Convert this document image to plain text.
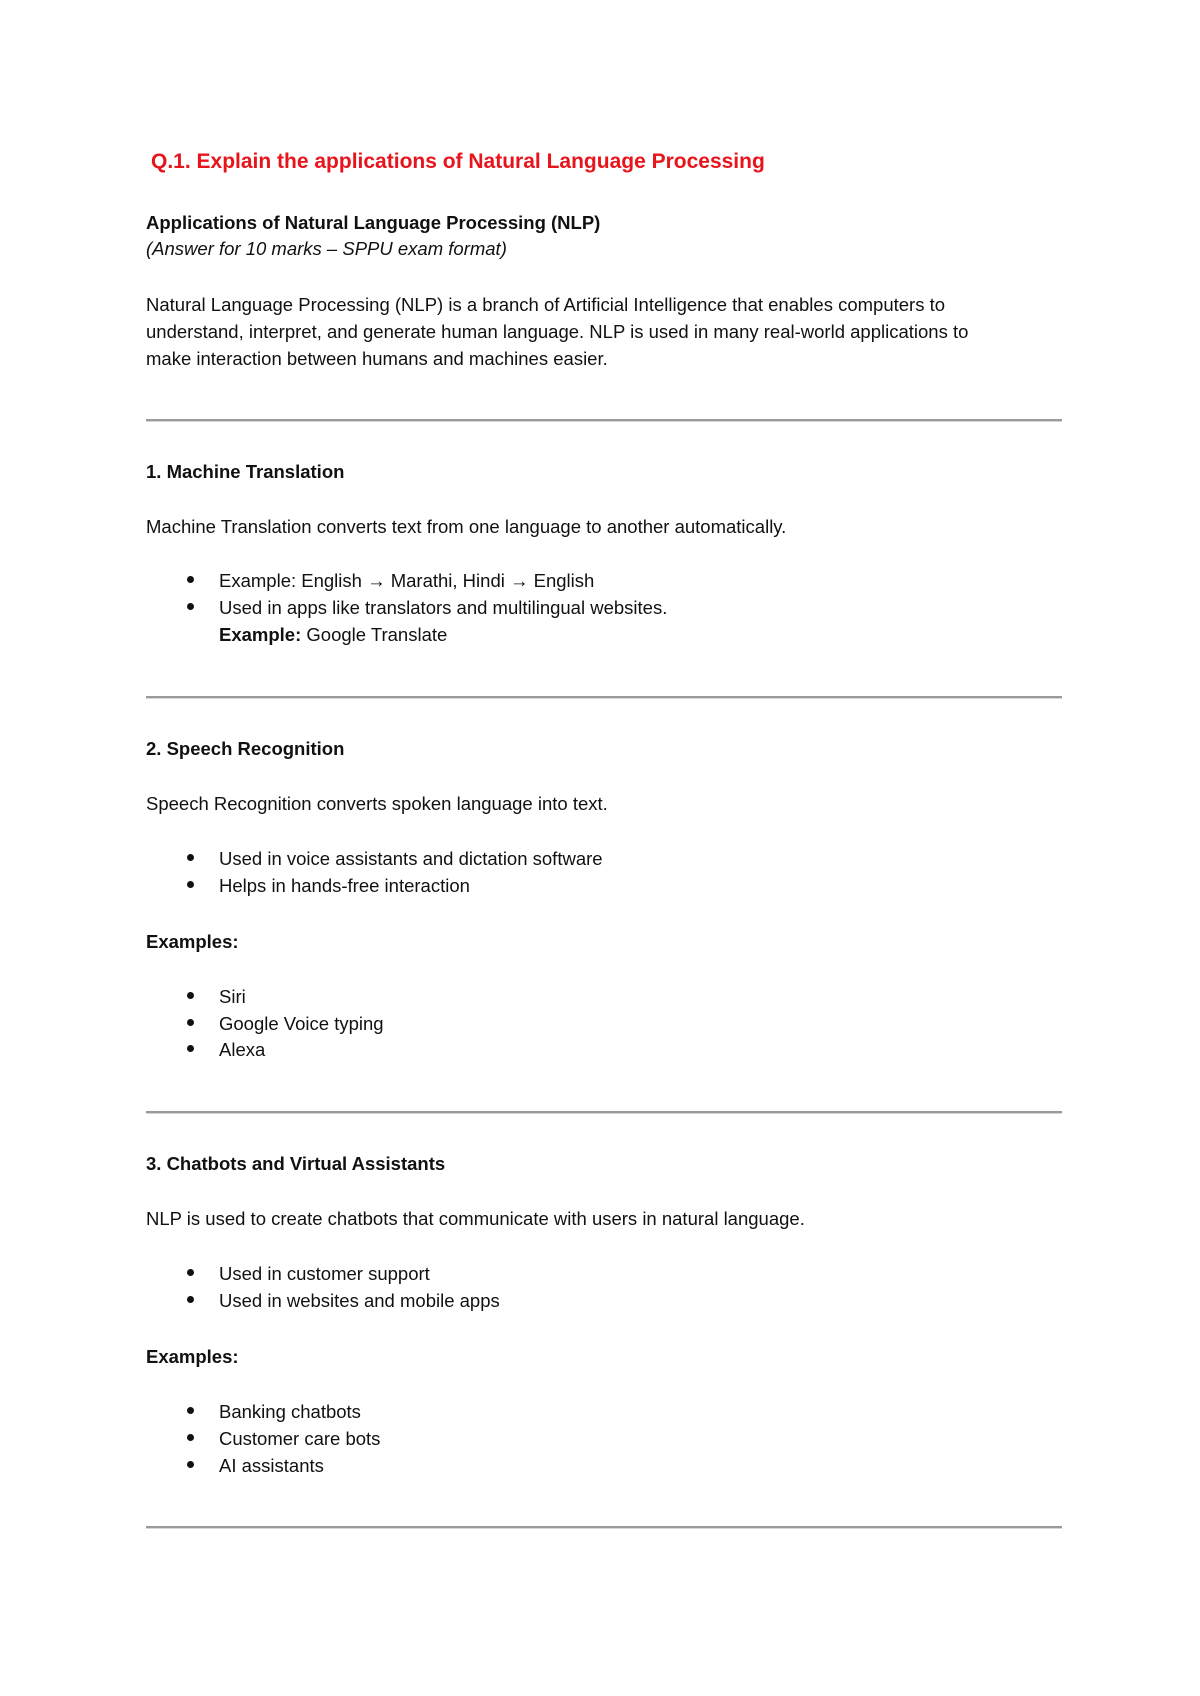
Q.1. Explain the applications of Natural Language Processing

Applications of Natural Language Processing (NLP)

(Answer for 10 marks – SPPU exam format)

Natural Language Processing (NLP) is a branch of Artificial Intelligence that enables computers to

understand, interpret, and generate human language. NLP is used in many real-world applications to

make interaction between humans and machines easier.

1. Machine Translation

Machine Translation converts text from one language to another automatically.

Example: English → Marathi, Hindi → English

Used in apps like translators and multilingual websites.

Example: Google Translate

2. Speech Recognition

Speech Recognition converts spoken language into text.

Used in voice assistants and dictation software

Helps in hands-free interaction

Examples:

Siri

Google Voice typing

Alexa

3. Chatbots and Virtual Assistants

NLP is used to create chatbots that communicate with users in natural language.

Used in customer support

Used in websites and mobile apps

Examples:

Banking chatbots

Customer care bots

AI assistants
